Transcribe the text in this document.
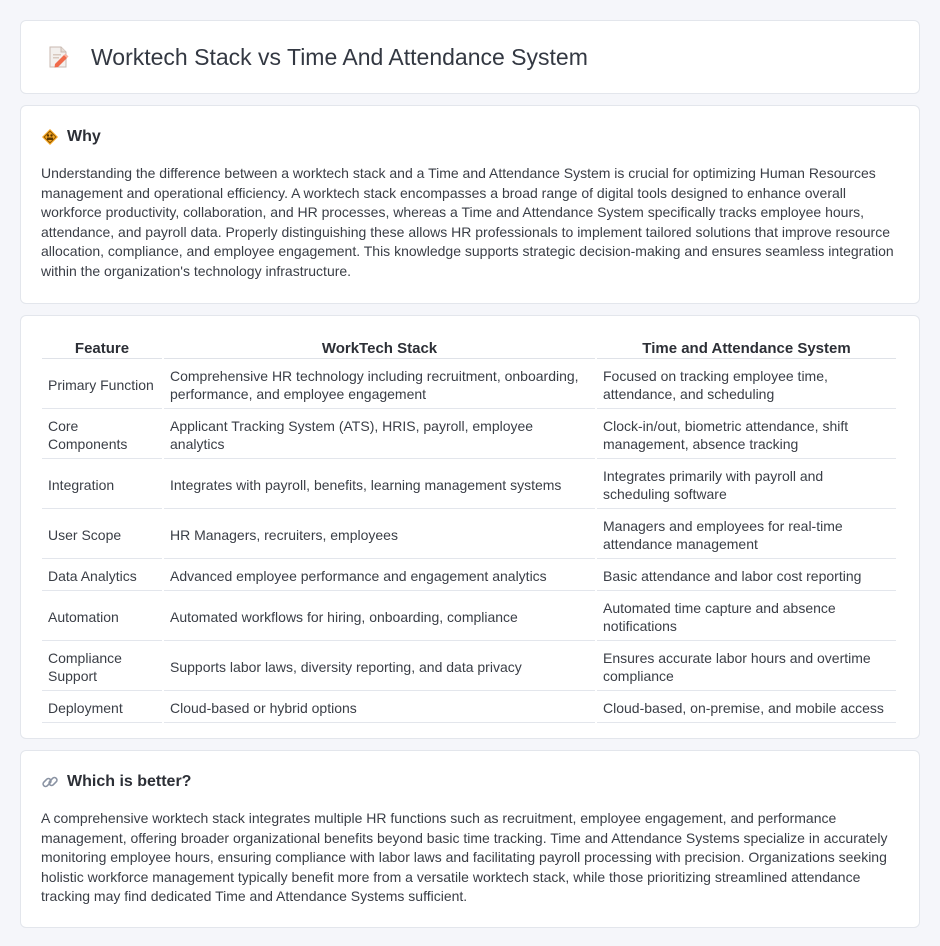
Worktech Stack vs Time And Attendance System
Why

Understanding the difference between a worktech stack and a Time and Attendance System is crucial for optimizing Human Resources management and operational efficiency. A worktech stack encompasses a broad range of digital tools designed to enhance overall workforce productivity, collaboration, and HR processes, whereas a Time and Attendance System specifically tracks employee hours, attendance, and payroll data. Properly distinguishing these allows HR professionals to implement tailored solutions that improve resource allocation, compliance, and employee engagement. This knowledge supports strategic decision-making and ensures seamless integration within the organization's technology infrastructure.

Feature	WorkTech Stack	Time and Attendance System
Primary Function	Comprehensive HR technology including recruitment, onboarding, performance, and employee engagement	Focused on tracking employee time, attendance, and scheduling
Core Components	Applicant Tracking System (ATS), HRIS, payroll, employee analytics	Clock-in/out, biometric attendance, shift management, absence tracking
Integration	Integrates with payroll, benefits, learning management systems	Integrates primarily with payroll and scheduling software
User Scope	HR Managers, recruiters, employees	Managers and employees for real-time attendance management
Data Analytics	Advanced employee performance and engagement analytics	Basic attendance and labor cost reporting
Automation	Automated workflows for hiring, onboarding, compliance	Automated time capture and absence notifications
Compliance Support	Supports labor laws, diversity reporting, and data privacy	Ensures accurate labor hours and overtime compliance
Deployment	Cloud-based or hybrid options	Cloud-based, on-premise, and mobile access
Which is better?

A comprehensive worktech stack integrates multiple HR functions such as recruitment, employee engagement, and performance management, offering broader organizational benefits beyond basic time tracking. Time and Attendance Systems specialize in accurately monitoring employee hours, ensuring compliance with labor laws and facilitating payroll processing with precision. Organizations seeking holistic workforce management typically benefit more from a versatile worktech stack, while those prioritizing streamlined attendance tracking may find dedicated Time and Attendance Systems sufficient.
